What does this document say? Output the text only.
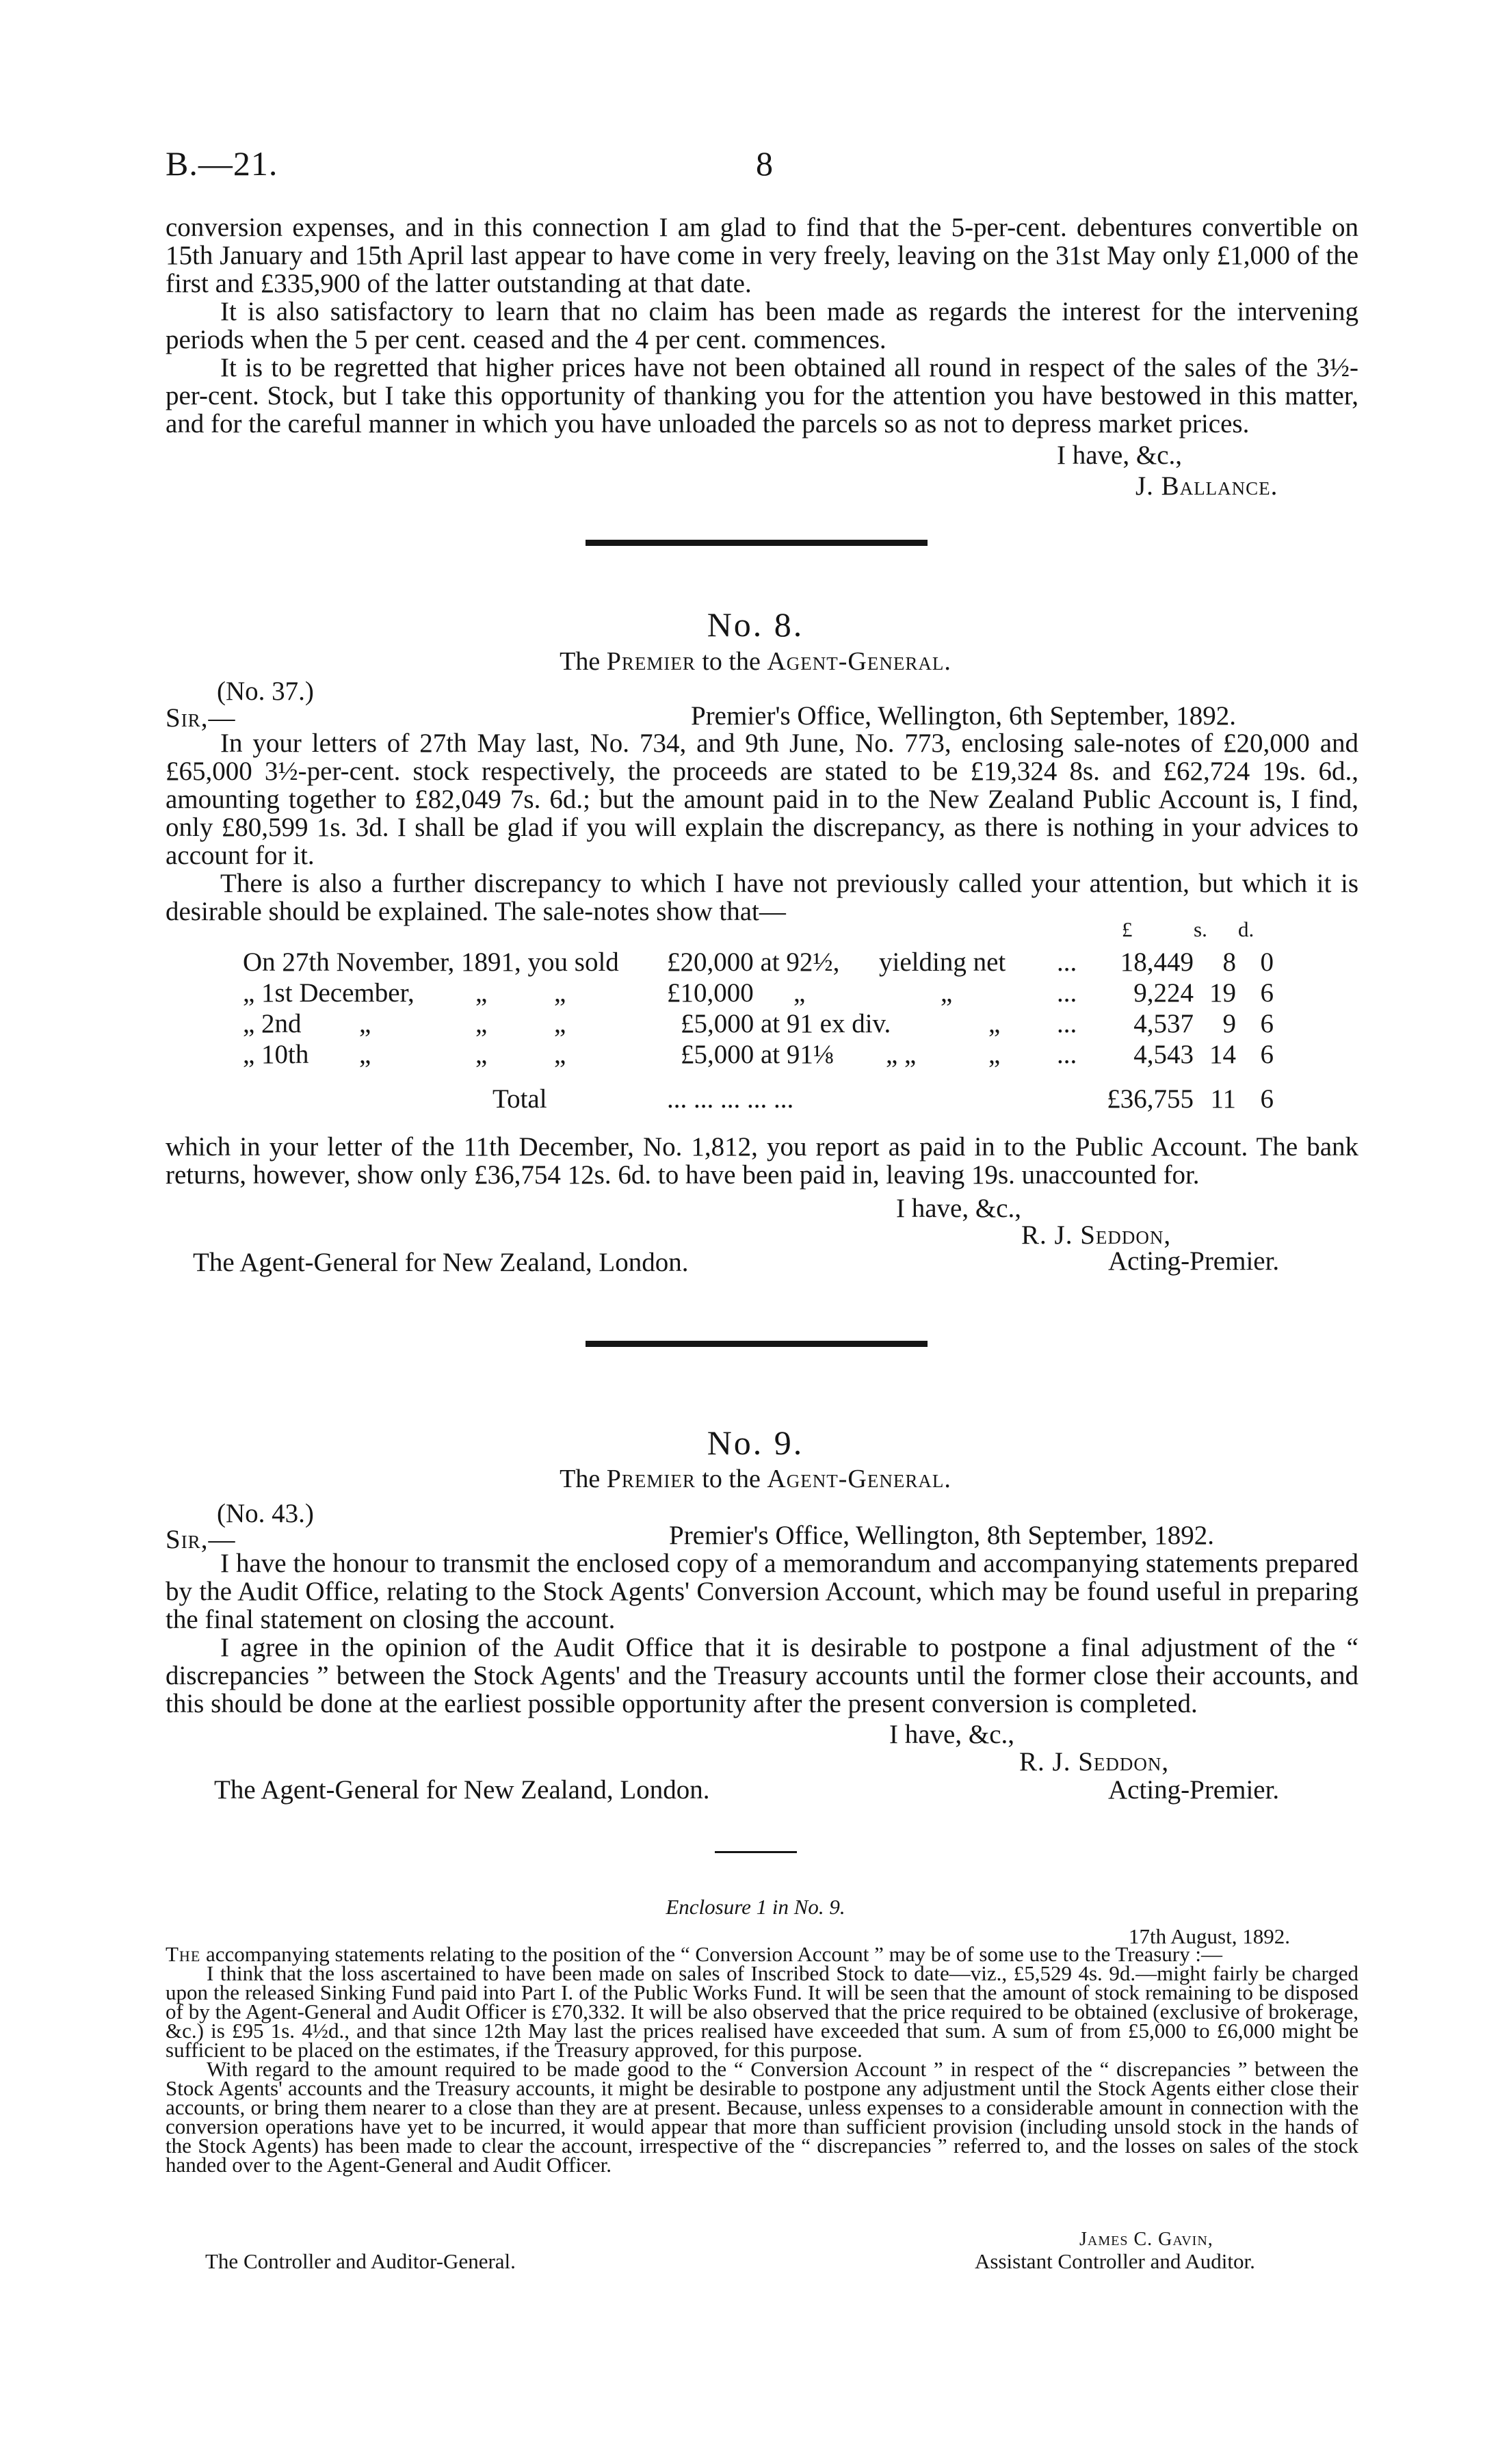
B.—21.	8

conversion expenses, and in this connection I am glad to find that the 5-per-cent. debentures convertible on 15th January and 15th April last appear to have come in very freely, leaving on the 31st May only £1,000 of the first and £335,900 of the latter outstanding at that date.

It is also satisfactory to learn that no claim has been made as regards the interest for the intervening periods when the 5 per cent. ceased and the 4 per cent. commences.

It is to be regretted that higher prices have not been obtained all round in respect of the sales of the 3½-per-cent. Stock, but I take this opportunity of thanking you for the attention you have bestowed in this matter, and for the careful manner in which you have unloaded the parcels so as not to depress market prices.

I have, &c.,
J. Ballance.
No. 8.
The Premier to the Agent-General.
(No. 37.)
Sir,—	Premier's Office, Wellington, 6th September, 1892.

In your letters of 27th May last, No. 734, and 9th June, No. 773, enclosing sale-notes of £20,000 and £65,000 3½-per-cent. stock respectively, the proceeds are stated to be £19,324 8s. and £62,724 19s. 6d., amounting together to £82,049 7s. 6d.; but the amount paid in to the New Zealand Public Account is, I find, only £80,599 1s. 3d. I shall be glad if you will explain the discrepancy, as there is nothing in your advices to account for it.

There is also a further discrepancy to which I have not previously called your attention, but which it is desirable should be explained. The sale-notes show that—

£	s. d.
On 27th November, 1891, you sold	£20,000 at 92½,	yielding net	...	18,449	8	0
„ 1st December, „ „	£10,000 „	„	...	9,224	19	6
„ 2nd „ „ „	£5,000 at 91 ex div. „		...	4,537	9	6
„ 10th „ „ „	£5,000 at 91⅛ „ „ „		...	4,543	14	6

Total	... ... ... ... ...			£36,755	11	6

which in your letter of the 11th December, No. 1,812, you report as paid in to the Public Account. The bank returns, however, show only £36,754 12s. 6d. to have been paid in, leaving 19s. unaccounted for.

I have, &c.,
R. J. Seddon,
Acting-Premier.
The Agent-General for New Zealand, London.
No. 9.
The Premier to the Agent-General.
(No. 43.)
Sir,—	Premier's Office, Wellington, 8th September, 1892.

I have the honour to transmit the enclosed copy of a memorandum and accompanying statements prepared by the Audit Office, relating to the Stock Agents' Conversion Account, which may be found useful in preparing the final statement on closing the account.

I agree in the opinion of the Audit Office that it is desirable to postpone a final adjustment of the “ discrepancies ” between the Stock Agents' and the Treasury accounts until the former close their accounts, and this should be done at the earliest possible opportunity after the present conversion is completed.

I have, &c.,
R. J. Seddon,
Acting-Premier.
The Agent-General for New Zealand, London.
Enclosure 1 in No. 9.
17th August, 1892.

The accompanying statements relating to the position of the “ Conversion Account ” may be of some use to the Treasury :—

I think that the loss ascertained to have been made on sales of Inscribed Stock to date—viz., £5,529 4s. 9d.—might fairly be charged upon the released Sinking Fund paid into Part I. of the Public Works Fund. It will be seen that the amount of stock remaining to be disposed of by the Agent-General and Audit Officer is £70,332. It will be also observed that the price required to be obtained (exclusive of brokerage, &c.) is £95 1s. 4½d., and that since 12th May last the prices realised have exceeded that sum. A sum of from £5,000 to £6,000 might be sufficient to be placed on the estimates, if the Treasury approved, for this purpose.

With regard to the amount required to be made good to the “ Conversion Account ” in respect of the “ discrepancies ” between the Stock Agents' accounts and the Treasury accounts, it might be desirable to postpone any adjustment until the Stock Agents either close their accounts, or bring them nearer to a close than they are at present. Because, unless expenses to a considerable amount in connection with the conversion operations have yet to be incurred, it would appear that more than sufficient provision (including unsold stock in the hands of the Stock Agents) has been made to clear the account, irrespective of the “ discrepancies ” referred to, and the losses on sales of the stock handed over to the Agent-General and Audit Officer.

James C. Gavin,
Assistant Controller and Auditor.
The Controller and Auditor-General.
